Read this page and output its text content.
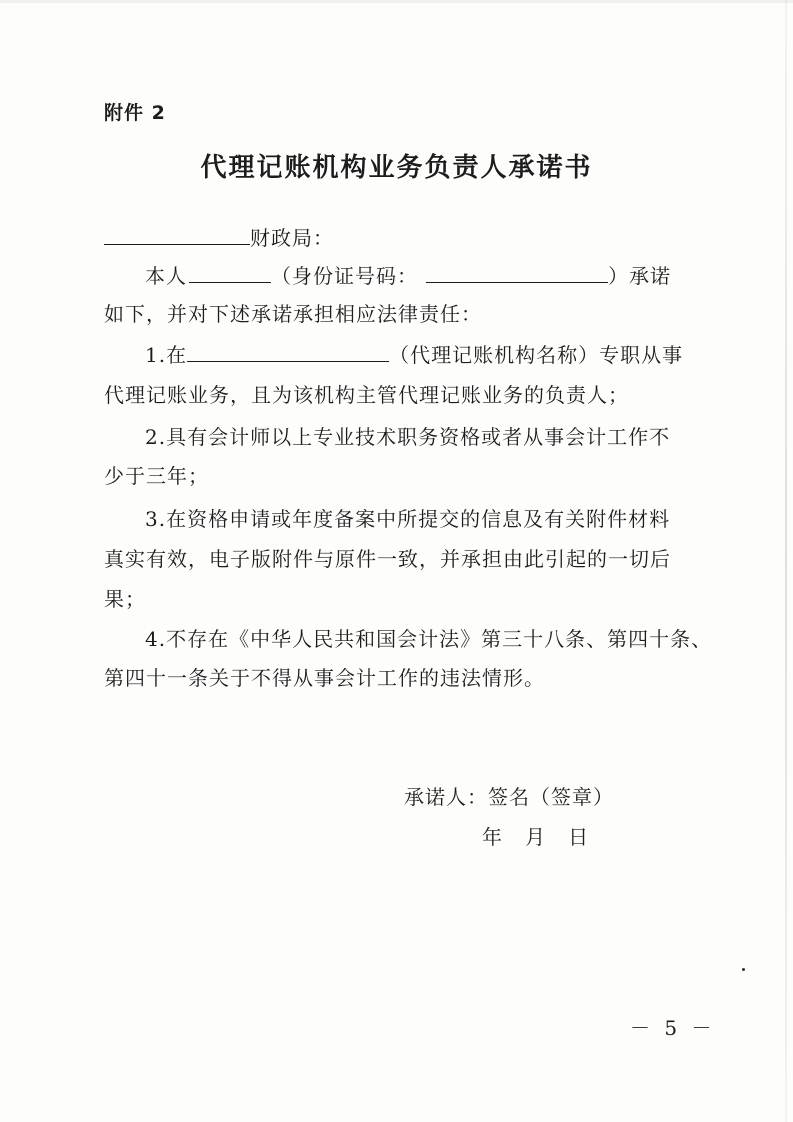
附件 2
代理记账机构业务负责人承诺书
财政局：
本人	（身份证号码：	）承诺
如下，并对下述承诺承担相应法律责任：
1.在	（代理记账机构名称）专职从事
代理记账业务，且为该机构主管代理记账业务的负责人；
2.具有会计师以上专业技术职务资格或者从事会计工作不
少于三年；
3.在资格申请或年度备案中所提交的信息及有关附件材料
真实有效，电子版附件与原件一致，并承担由此引起的一切后
果；
4.不存在《中华人民共和国会计法》第三十八条、第四十条、
第四十一条关于不得从事会计工作的违法情形。
承诺人：签名（签章）
年   月   日
－ 5 －
